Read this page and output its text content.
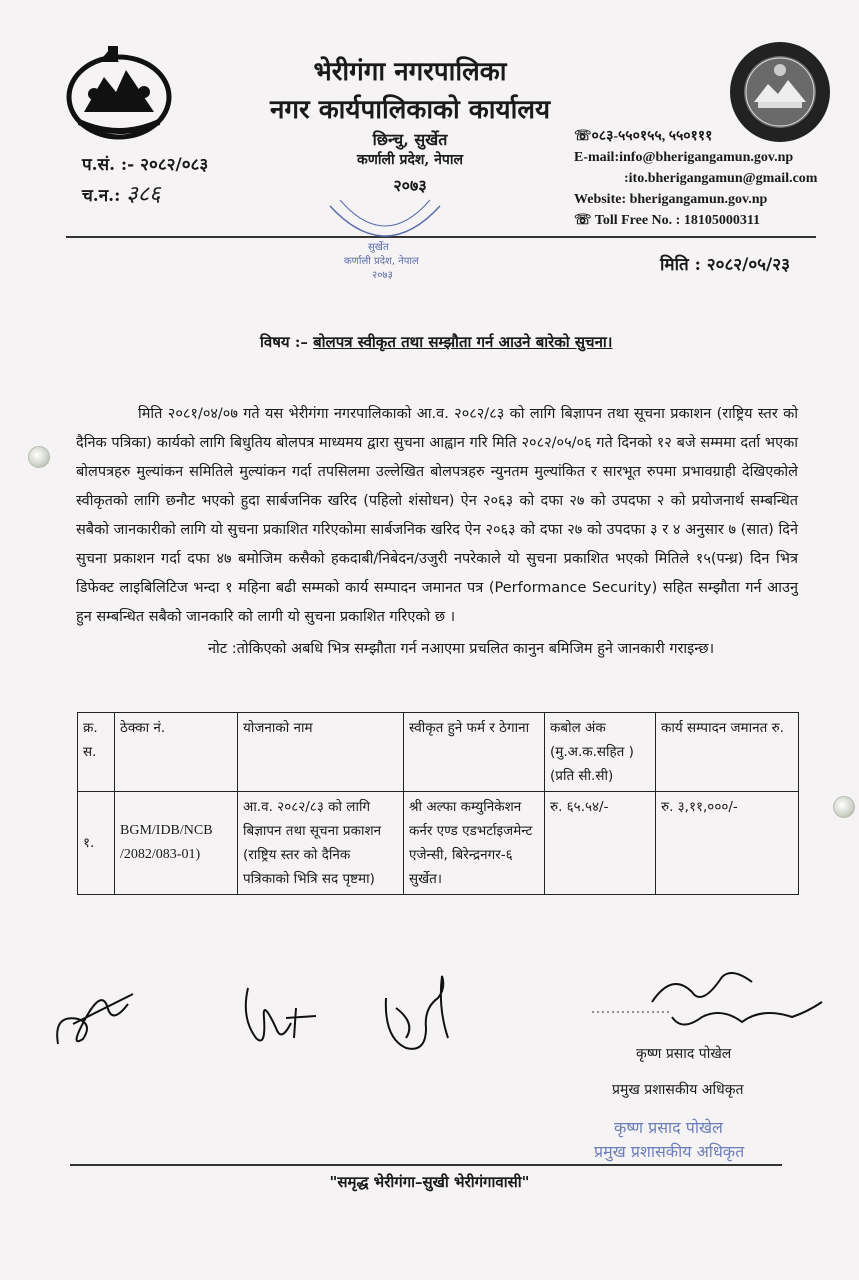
भेरीगंगा नगरपालिका
नगर कार्यपालिकाको कार्यालय
छिन्चु, सुर्खेत
कर्णाली प्रदेश, नेपाल
२०७३
प.सं. :- २०८२/०८३
च.न.: ३८६
☏०८३-५५०१५५, ५५०१११
E-mail:info@bherigangamun.gov.np
:ito.bherigangamun@gmail.com
Website: bherigangamun.gov.np
☏ Toll Free No. : 18105000311
सुर्खेत
कर्णाली प्रदेश, नेपाल
२०७३
मिति : २०८२/०५/२३
विषय :– बोलपत्र स्वीकृत तथा सम्झौता गर्न आउने बारेको सुचना।

मिति २०८१/०४/०७ गते यस भेरीगंगा नगरपालिकाको आ.व. २०८२/८३ को लागि बिज्ञापन तथा सूचना प्रकाशन (राष्ट्रिय स्तर को दैनिक पत्रिका) कार्यको लागि बिधुतिय बोलपत्र माध्यमय द्वारा सुचना आह्वान गरि मिति २०८२/०५/०६ गते दिनको १२ बजे सम्ममा दर्ता भएका बोलपत्रहरु मुल्यांकन समितिले मुल्यांकन गर्दा तपसिलमा उल्लेखित बोलपत्रहरु न्युनतम मुल्यांकित र सारभूत रुपमा प्रभावग्राही देखिएकोले स्वीकृतको लागि छनौट भएको हुदा सार्बजनिक खरिद (पहिलो शंसोधन) ऐन २०६३ को दफा २७ को उपदफा २ को प्रयोजनार्थ सम्बन्धित सबैको जानकारीको लागि यो सुचना प्रकाशित गरिएकोमा सार्बजनिक खरिद ऐन २०६३ को दफा २७ को उपदफा ३ र ४ अनुसार ७ (सात) दिने सुचना प्रकाशन गर्दा दफा ४७ बमोजिम कसैको हकदाबी/निबेदन/उजुरी नपरेकाले यो सुचना प्रकाशित भएको मितिले १५(पन्ध्र) दिन भित्र डिफेक्ट लाइबिलिटिज भन्दा १ महिना बढी सम्मको कार्य सम्पादन जमानत पत्र (Performance Security) सहित सम्झौता गर्न आउनु हुन सम्बन्धित सबैको जानकारि को लागी यो सुचना प्रकाशित गरिएको छ ।

नोट :तोकिएको अबधि भित्र सम्झौता गर्न नआएमा प्रचलित कानुन बमिजिम हुने जानकारी गराइन्छ।
क्र. स.	ठेक्का नं.	योजनाको नाम	स्वीकृत हुने फर्म र ठेगाना	कबोल अंक (मु.अ.क.सहित ) (प्रति सी.सी)	कार्य सम्पादन जमानत रु.
१.	BGM/IDB/NCB /2082/083-01)	आ.व. २०८२/८३ को लागि बिज्ञापन तथा सूचना प्रकाशन (राष्ट्रिय स्तर को दैनिक पत्रिकाको भित्रि सद पृष्टमा)	श्री अल्फा कम्युनिकेशन कर्नर एण्ड एडभर्टाइजमेन्ट एजेन्सी, बिरेन्द्रनगर-६ सुर्खेत।	रु. ६५.५४/-	रु. ३,११,०००/-
कृष्ण प्रसाद पोखेल
प्रमुख प्रशासकीय अधिकृत
कृष्ण प्रसाद पोखेल
प्रमुख प्रशासकीय अधिकृत
"समृद्ध भेरीगंगा–सुखी भेरीगंगावासी"
